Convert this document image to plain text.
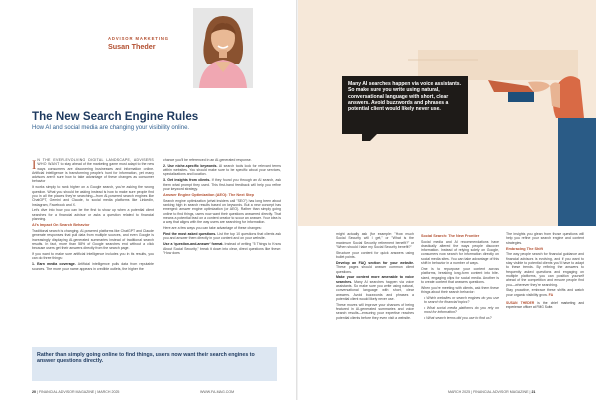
ADVISOR MARKETING
Susan Theder
The New Search Engine Rules
How AI and social media are changing your visibility online.

I N THE EVER-EVOLVING DIGITAL LANDSCAPE, ADVISERS WHO WANT to stay ahead of the marketing game must adapt to the new ways consumers are discovering businesses and information online. Artificial intelligence is transforming people's hunt for information, yet many advisors aren't sure how to take advantage of these changes as consumer behavior

It works simply to rank higher on a Google search, you're asking the wrong question. What you should be asking instead is how to make sure people find you in all the places they're searching—from AI-powered search engines like ChatGPT, Gemini and Claude, to social media platforms like LinkedIn, Instagram, Facebook and X.

Let's dive into how you can be the first to show up when a potential client searches for a financial advisor or asks a question related to financial planning.

AI's Impact On Search Behavior

Traditional search is changing. AI-powered platforms like ChatGPT and Claude generate responses that pull data from multiple sources, and even Google is increasingly displaying AI-generated summaries instead of traditional search results. In fact, more than 58% of Google searches end without a click because users get their answers directly from the search page.

If you want to make sure artificial intelligence includes you in its results, you can do three things:

1. Earn media coverage. Artificial intelligence pulls data from reputable sources. The more your name appears in credible outlets, the higher the

chance you'll be referenced in an AI-generated response.

2. Use niche-specific keywords. AI search tools look for relevant terms within websites. You should make sure to be specific about your services, specializations and location.

3. Get insights from clients. If they found you through an AI search, ask them what prompt they used. This first-hand feedback will help you refine your keyword strategy.

Answer Engine Optimization (AEO): The Next Step

Search engine optimization (what insiders call "SEO") has long been about ranking high in search results based on keywords. But a new concept has emerged: answer engine optimization (or AEO). Rather than simply going online to find things, users now want their questions answered directly. That means a potential lead on a content creator to scour an answer. Your idea is a way that aligns with the way users are searching for information.

Here are a few ways you can take advantage of these changes:

Find the most asked questions. List the top 10 questions that clients ask you and answer them directly in your content and on your website.

Use a 'question-and-answer' format. Instead of writing "5 Things to Know About Social Security," break it down into clear, direct questions like these: "How does

Rather than simply going online to find things, users now want their search engines to answer questions directly.
20 | FINANCIAL ADVISOR MAGAZINE | MARCH 2025	WWW.FA-MAG.COM
Many AI searches happen via voice assistants. So make sure you write using natural, conversational language with short, clear answers. Avoid buzzwords and phrases a potential client would likely never use.

might actually ask (for example: "How much Social Security will I get," or "What is the maximum Social Security retirement benefit?" or "When should I take my Social Security benefit?"

Structure your content for quick answers using bullet points.

Develop an FAQ section for your website. These pages should answer common client questions.

Make your content more amenable to voice searches. Many AI searches happen via voice assistants. So make sure you write using natural, conversational language with short, clear answers. Avoid buzzwords and phrases a potential client would likely never use.

These moves will improve your chances of being featured in AI-generated summaries and voice search results—ensuring your expertise reaches potential clients before they even visit a website.

Social Search: The New Frontier

Social media and AI recommendations have drastically altered the ways people discover information. Instead of relying solely on Google, consumers now search for information directly on social media sites. You can take advantage of this shift in behavior in a number of ways.

One is to repurpose your content across platforms, breaking long-form content into bite-sized, engaging clips for social media. Another is to create content that answers questions.

When you're meeting with clients, ask them these things about their search behavior:

• Which websites or search engines do you use to search for financial topics?

• What social media platforms do you rely on most for information?

• What search terms did you use to find us?

The insights you glean from those questions will help you refine your search engine and content strategies.

Embracing The Shift

The way people search for financial guidance and financial advisors is evolving, and if you want to stay visible to potential clients you'll have to adapt to these trends. By refining the answers to frequently asked questions and engaging on multiple platforms, you can position yourself ahead of the competition and ensure people find you—wherever they're searching.

Stay proactive, embrace these shifts and watch your organic visibility grow. FA

SUSAN THEDER is the chief marketing and experience officer at FMG Suite.
MARCH 2025 | FINANCIAL ADVISOR MAGAZINE | 21
